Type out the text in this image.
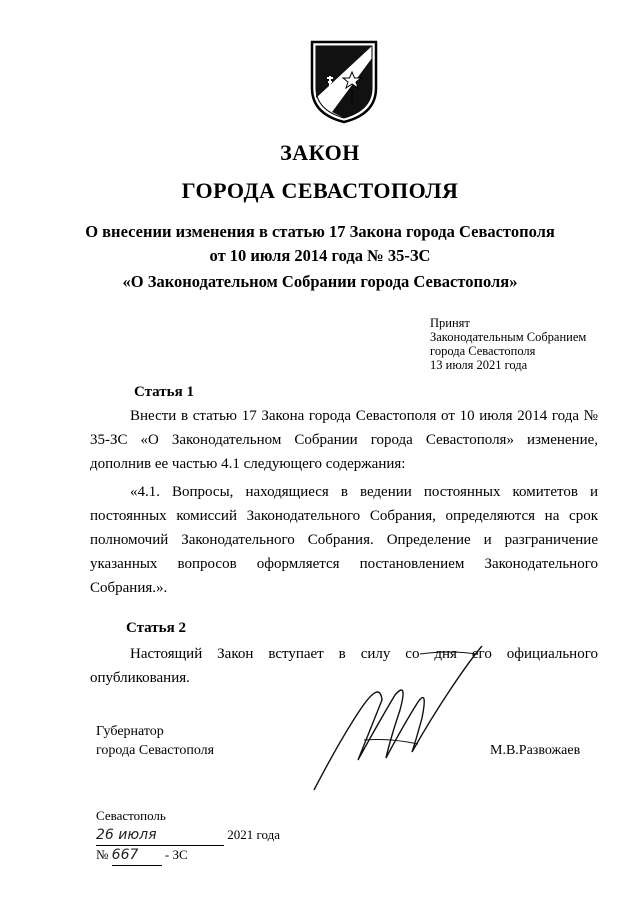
ЗАКОН
ГОРОДА СЕВАСТОПОЛЯ
О внесении изменения в статью 17 Закона города Севастополя
от 10 июля 2014 года № 35-ЗС
«О Законодательном Собрании города Севастополя»
Принят
Законодательным Собранием
города Севастополя
13 июля 2021 года
Статья 1
Внести в статью 17 Закона города Севастополя от 10 июля 2014 года № 35-ЗС «О Законодательном Собрании города Севастополя» изменение, дополнив ее частью 4.1 следующего содержания:
«4.1. Вопросы, находящиеся в ведении постоянных комитетов и постоянных комиссий Законодательного Собрания, определяются на срок полномочий Законодательного Собрания. Определение и разграничение указанных вопросов оформляется постановлением Законодательного Собрания.».
Статья 2
Настоящий Закон вступает в силу со дня его официального опубликования.
Губернатор
города Севастополя	М.В.Развожаев
Севастополь
26 июля	2021 года
№ 667 - ЗС
